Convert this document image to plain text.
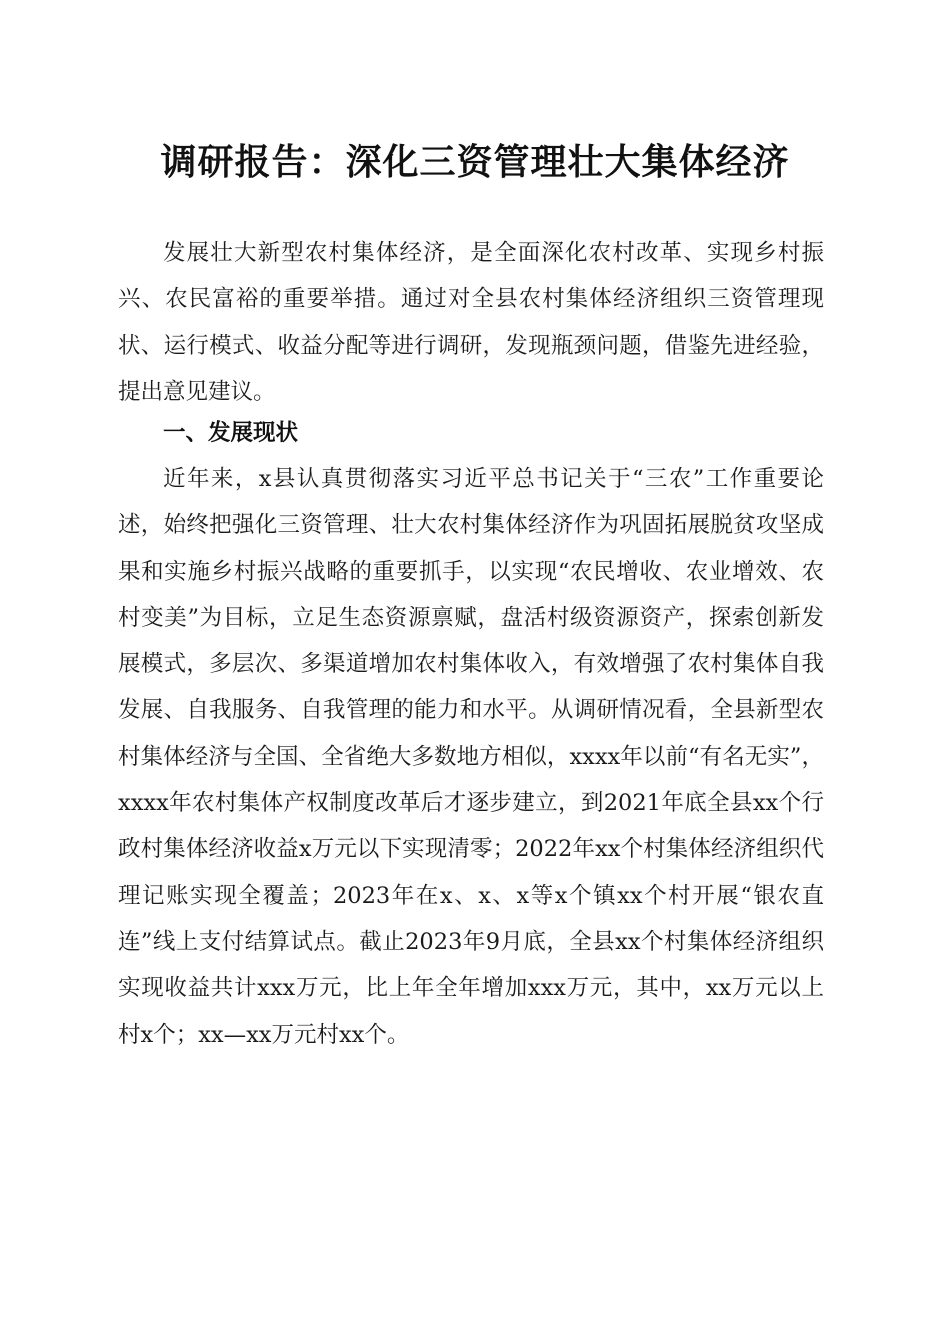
调研报告：深化三资管理壮大集体经济

发展壮大新型农村集体经济，是全面深化农村改革、实现乡村振兴、农民富裕的重要举措。通过对全县农村集体经济组织三资管理现状、运行模式、收益分配等进行调研，发现瓶颈问题，借鉴先进经验，提出意见建议。

一、发展现状

近年来，x县认真贯彻落实习近平总书记关于“三农”工作重要论述，始终把强化三资管理、壮大农村集体经济作为巩固拓展脱贫攻坚成果和实施乡村振兴战略的重要抓手，以实现“农民增收、农业增效、农村变美”为目标，立足生态资源禀赋，盘活村级资源资产，探索创新发展模式，多层次、多渠道增加农村集体收入，有效增强了农村集体自我发展、自我服务、自我管理的能力和水平。从调研情况看，全县新型农村集体经济与全国、全省绝大多数地方相似，xxxx年以前“有名无实”，xxxx年农村集体产权制度改革后才逐步建立，到2021年底全县xx个行政村集体经济收益x万元以下实现清零；2022年xx个村集体经济组织代理记账实现全覆盖；2023年在x、x、x等x个镇xx个村开展“银农直连”线上支付结算试点。截止2023年9月底，全县xx个村集体经济组织实现收益共计xxx万元，比上年全年增加xxx万元，其中，xx万元以上村x个；xx—xx万元村xx个。
